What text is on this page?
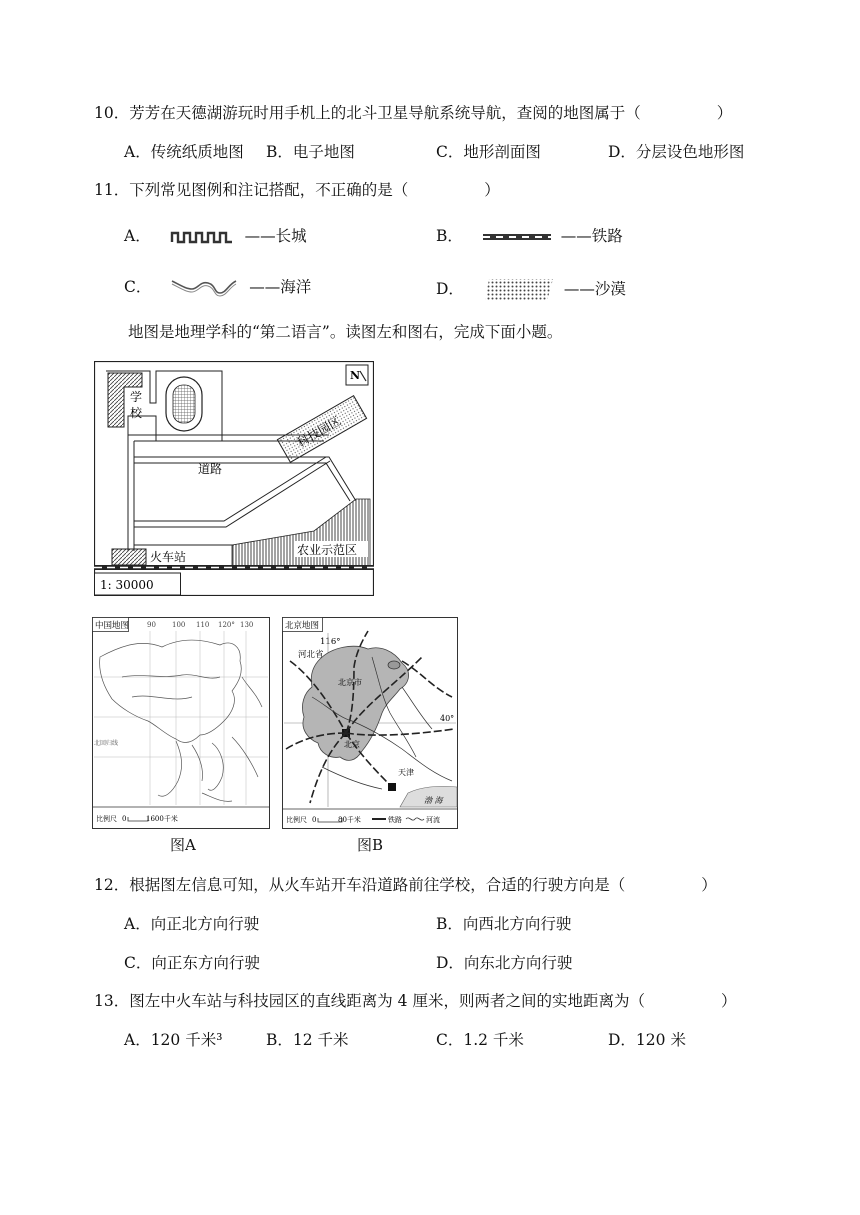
10．芳芳在天德湖游玩时用手机上的北斗卫星导航系统导航，查阅的地图属于（	）
A．传统纸质地图 B．电子地图	C．地形剖面图	D．分层设色地形图
11．下列常见图例和注记搭配，不正确的是（	）
A．	——长城	B．	——铁路
C．	——海洋	D．	——沙漠
地图是地理学科的“第二语言”。读图左和图右，完成下面小题。
学
校
道路
科技园区
N
农业示范区
火车站
1: 30000
中国地图	90 100 110 120° 130
北回归线
比例尺 0	1600千米
图A
北京地图
116°
40°
河北省
北京市
北京
天津
渤 海
比例尺 0	80千米	铁路	河流
图B
12．根据图左信息可知，从火车站开车沿道路前往学校，合适的行驶方向是（	）
A．向正北方向行驶	B．向西北方向行驶
C．向正东方向行驶	D．向东北方向行驶
13．图左中火车站与科技园区的直线距离为 4 厘米，则两者之间的实地距离为（	）
A．120 千米³	B．12 千米	C．1.2 千米	D．120 米
